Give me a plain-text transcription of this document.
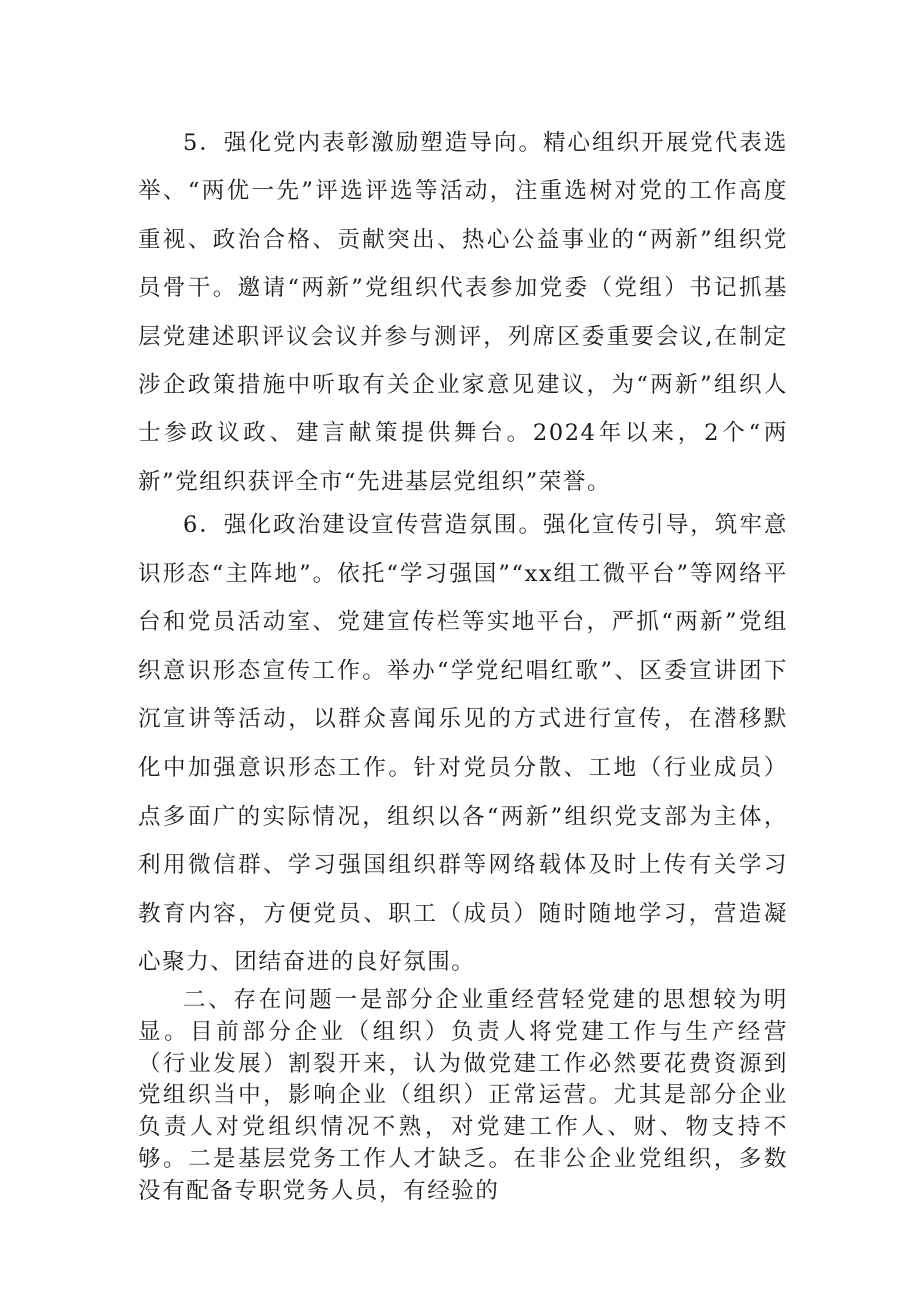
5．强化党内表彰激励塑造导向。精心组织开展党代表选举、“两优一先”评选评选等活动，注重选树对党的工作高度重视、政治合格、贡献突出、热心公益事业的“两新”组织党员骨干。邀请“两新”党组织代表参加党委（党组）书记抓基层党建述职评议会议并参与测评，列席区委重要会议,在制定涉企政策措施中听取有关企业家意见建议，为“两新”组织人士参政议政、建言献策提供舞台。2024年以来，2个“两新”党组织获评全市“先进基层党组织”荣誉。

6．强化政治建设宣传营造氛围。强化宣传引导，筑牢意识形态“主阵地”。依托“学习强国”“xx组工微平台”等网络平台和党员活动室、党建宣传栏等实地平台，严抓“两新”党组织意识形态宣传工作。举办“学党纪唱红歌”、区委宣讲团下沉宣讲等活动，以群众喜闻乐见的方式进行宣传，在潜移默化中加强意识形态工作。针对党员分散、工地（行业成员）点多面广的实际情况，组织以各“两新”组织党支部为主体，利用微信群、学习强国组织群等网络载体及时上传有关学习教育内容，方便党员、职工（成员）随时随地学习，营造凝心聚力、团结奋进的良好氛围。

二、存在问题一是部分企业重经营轻党建的思想较为明显。目前部分企业（组织）负责人将党建工作与生产经营（行业发展）割裂开来，认为做党建工作必然要花费资源到党组织当中，影响企业（组织）正常运营。尤其是部分企业负责人对党组织情况不熟，对党建工作人、财、物支持不够。二是基层党务工作人才缺乏。在非公企业党组织，多数没有配备专职党务人员，有经验的
